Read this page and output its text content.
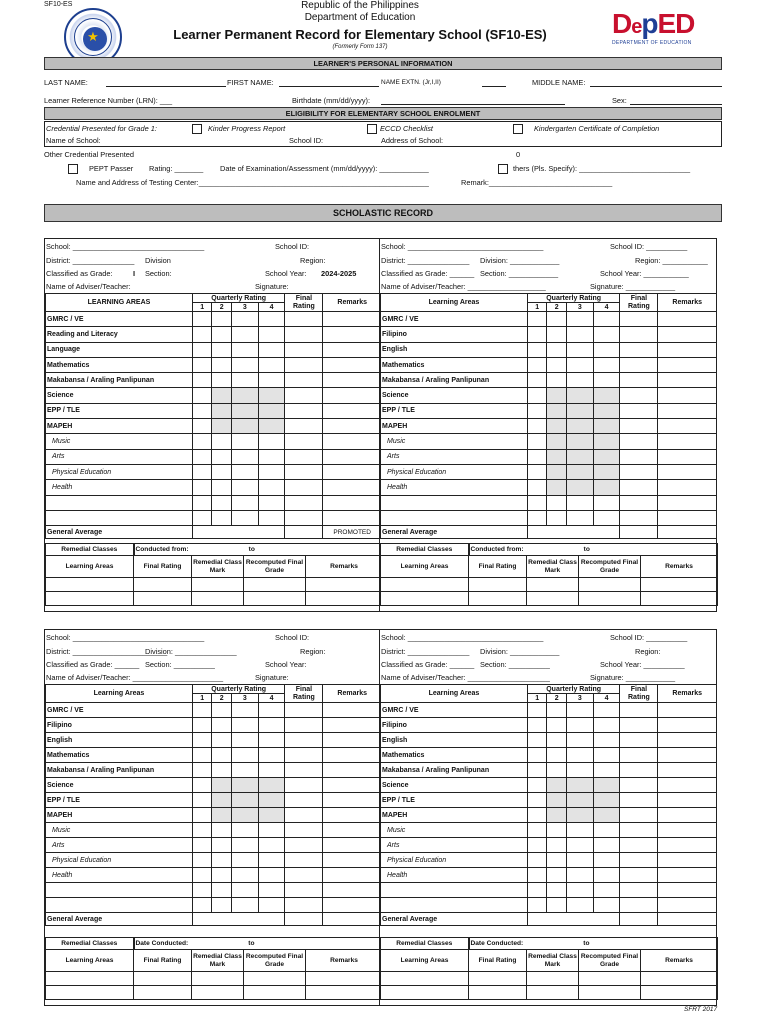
SF10-ES
★
Republic of the Philippines
Department of Education
Learner Permanent Record for Elementary School (SF10-ES)
(Formerly Form 137)
DepED
DEPARTMENT OF EDUCATION
LEARNER'S PERSONAL INFORMATION
LAST NAME:	FIRST NAME:	NAME EXTN. (Jr,I,II)	MIDDLE NAME:
Learner Reference Number (LRN): ___	Birthdate (mm/dd/yyyy):	Sex:
ELIGIBILITY FOR ELEMENTARY SCHOOL ENROLMENT
Credential Presented for Grade 1:	Kinder Progress Report	ECCD Checklist	Kindergarten Certificate of Completion
Name of School:	School ID:	Address of School:
Other Credential Presented	0
PEPT Passer Rating: _______ Date of Examination/Assessment (mm/dd/yyyy): ____________	thers (Pls. Specify): ___________________________
Name and Address of Testing Center:________________________________________________________	Remark:______________________________
SCHOLASTIC RECORD
School: ________________________________	School ID:
District: _______________ Division	Region:
Classified as Grade:	I Section:	School Year: 2024-2025
Name of Adviser/Teacher:	Signature:
LEARNING AREAS	Quarterly Rating				Final Rating	Remarks
	1	2	3	4		
GMRC / VE						
Reading and Literacy						
Language						
Mathematics						
Makabansa / Araling Panlipunan						
Science						
EPP / TLE						
MAPEH						
Music						
Arts						
Physical Education						
Health						

General Average						PROMOTED
Remedial Classes	Conducted from: to			
Learning Areas	Final Rating	Remedial Class Mark	Recomputed Final Grade	Remarks

School: _________________________________	School ID: __________
District: _______________ Division: ____________	Region: ___________
Classified as Grade: ______ Section: ____________	School Year: ___________
Name of Adviser/Teacher: ___________________	Signature: ____________
Learning Areas	Quarterly Rating				Final Rating	Remarks
	1	2	3	4		
GMRC / VE						
Filipino						
English						
Mathematics						
Makabansa / Araling Panlipunan						
Science						
EPP / TLE						
MAPEH						
Music						
Arts						
Physical Education						
Health						

General Average						
Remedial Classes	Conducted from: to			
Learning Areas	Final Rating	Remedial Class Mark	Recomputed Final Grade	Remarks

School: ________________________________	School ID:
District: _______________________
Division: _______________	Region:
Classified as Grade: ______ Section: __________	School Year:
Name of Adviser/Teacher: ______________________	Signature:
Learning Areas	Quarterly Rating				Final Rating	Remarks
	1	2	3	4		
GMRC / VE						
Filipino						
English						
Mathematics						
Makabansa / Araling Panlipunan						
Science						
EPP / TLE						
MAPEH						
Music						
Arts						
Physical Education						
Health						

General Average						
Remedial Classes	Date Conducted: to			
Learning Areas	Final Rating	Remedial Class Mark	Recomputed Final Grade	Remarks

School: _________________________________	School ID: __________
District: _______________ Division: ____________	Region:
Classified as Grade: ______ Section: __________	School Year: __________
Name of Adviser/Teacher: ____________________	Signature: ____________
Learning Areas	Quarterly Rating				Final Rating	Remarks
	1	2	3	4		
GMRC / VE						
Filipino						
English						
Mathematics						
Makabansa / Araling Panlipunan						
Science						
EPP / TLE						
MAPEH						
Music						
Arts						
Physical Education						
Health						

General Average						
Remedial Classes	Date Conducted: to			
Learning Areas	Final Rating	Remedial Class Mark	Recomputed Final Grade	Remarks

SFRT 2017
